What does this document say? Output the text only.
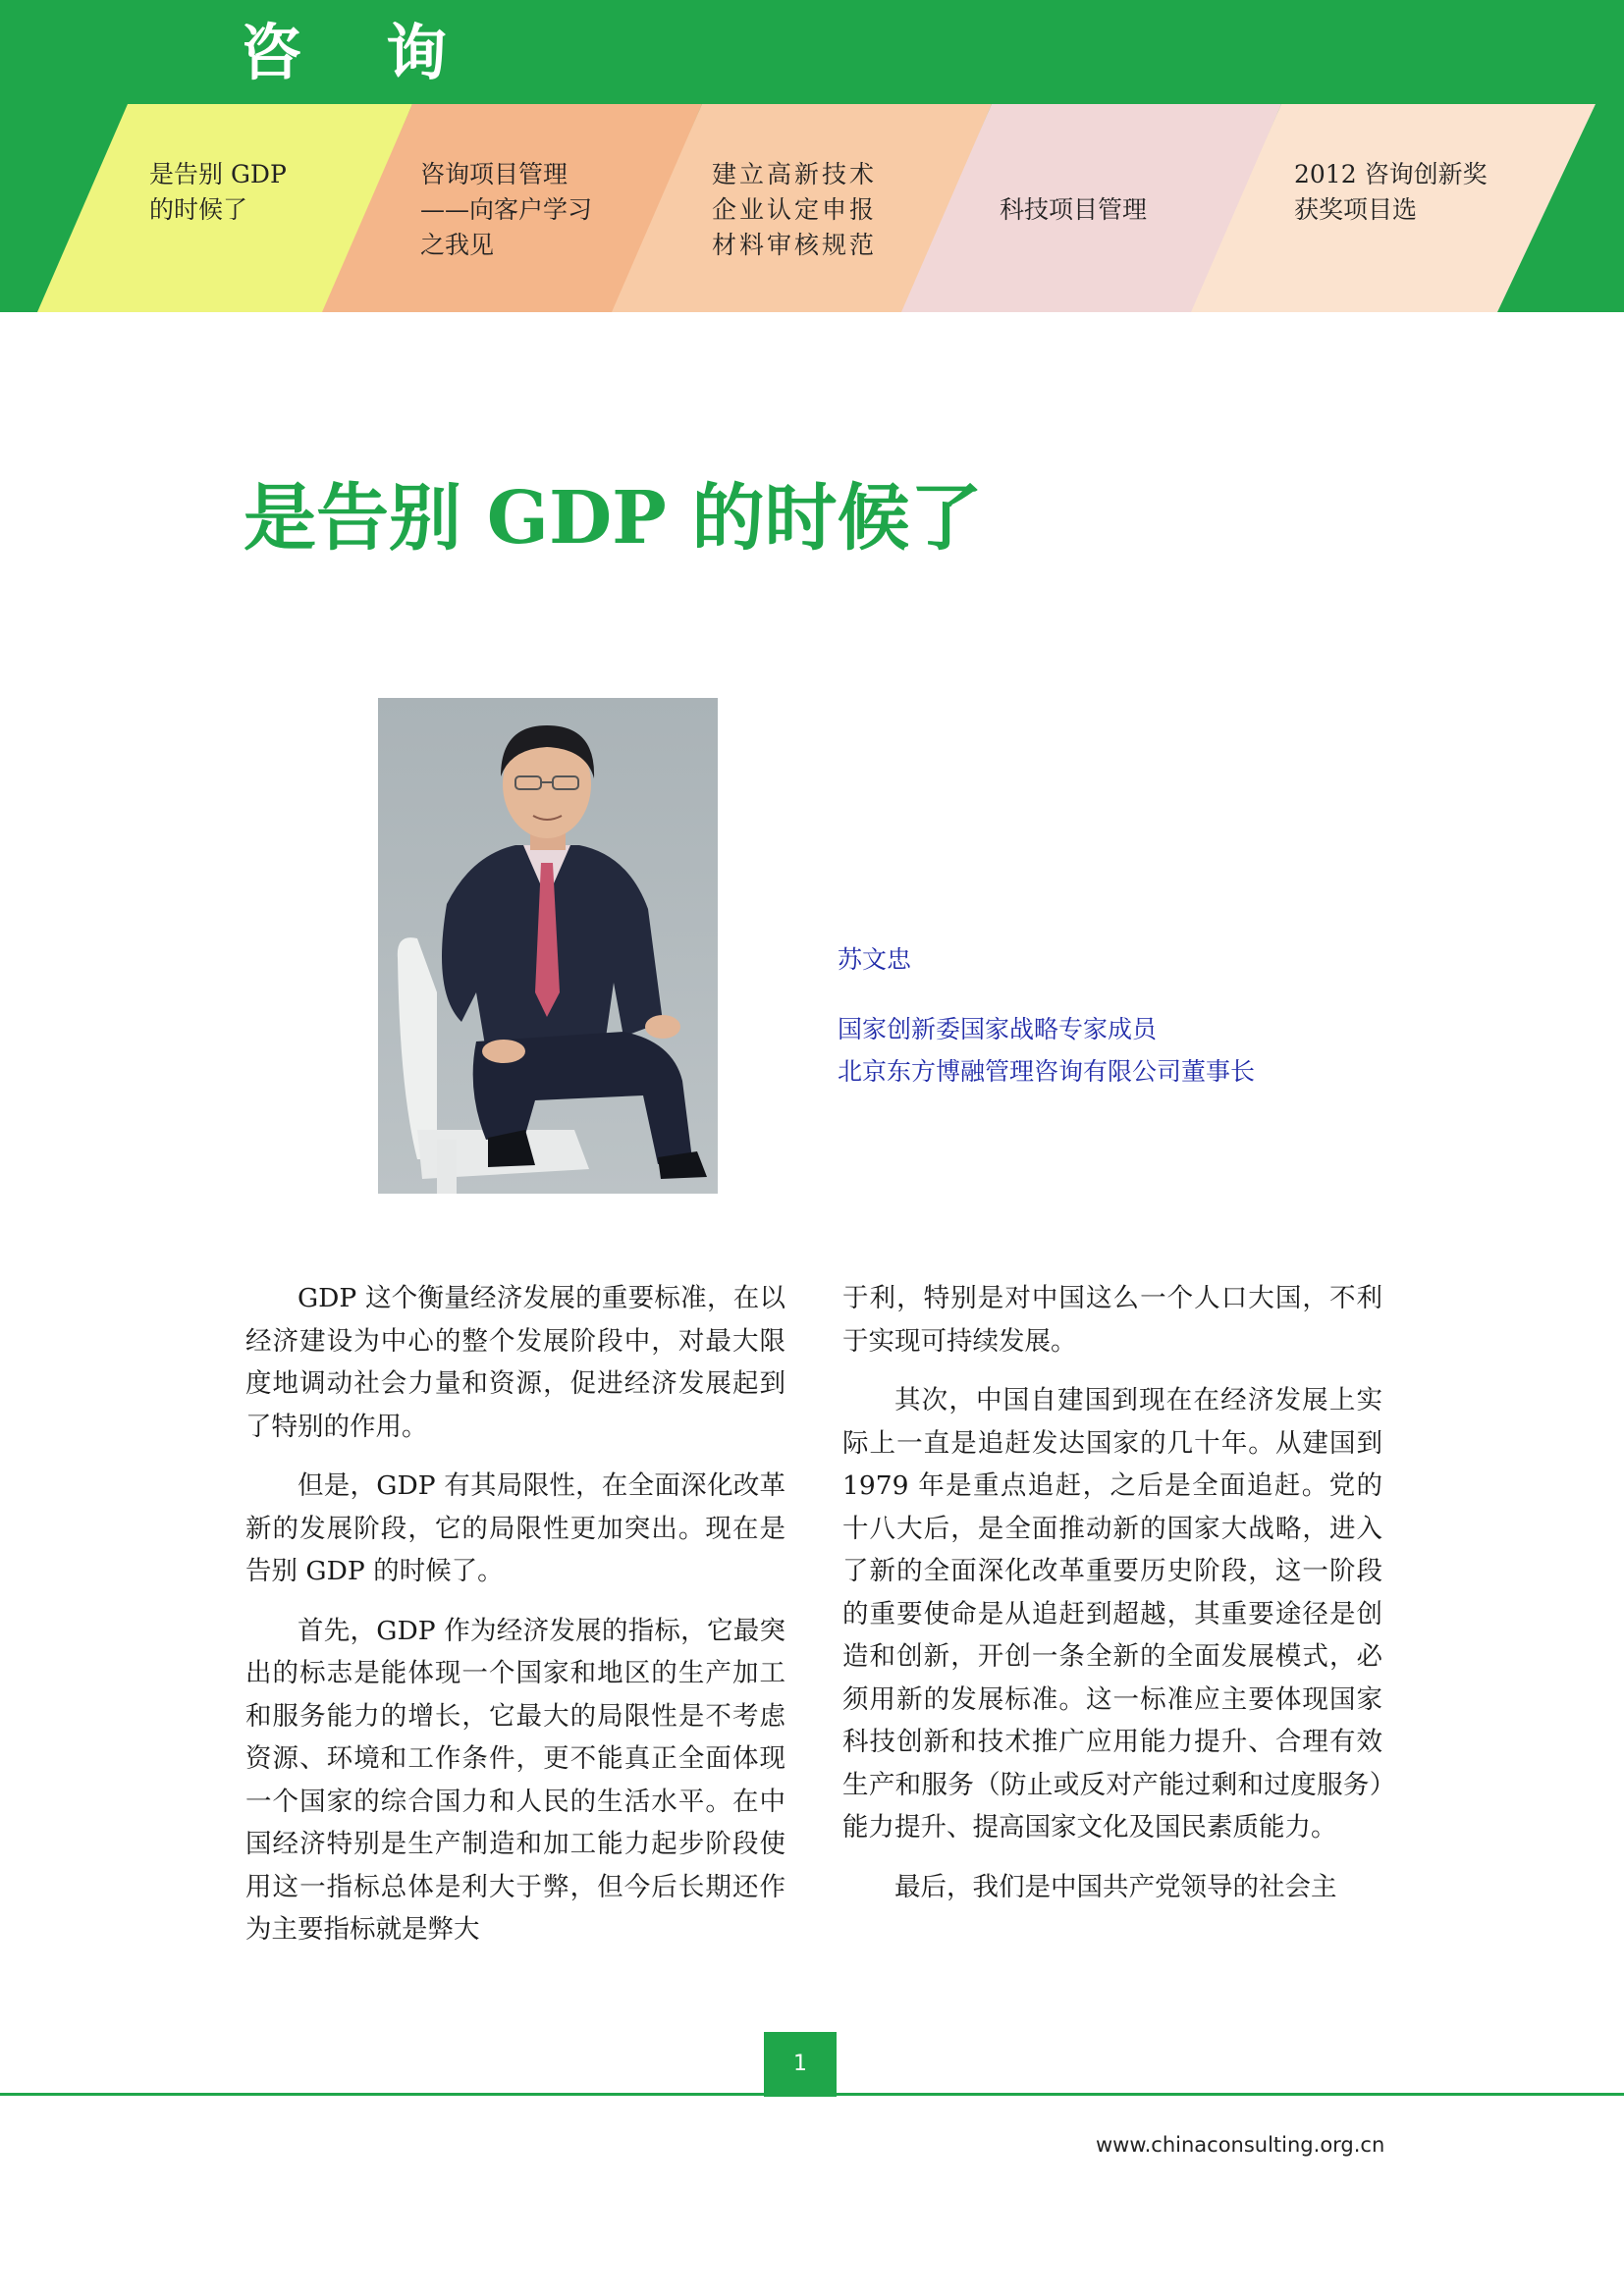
咨询
是告别 GDP
的时候了
咨询项目管理
——向客户学习
之我见
建立高新技术
企业认定申报
材料审核规范
科技项目管理
2012 咨询创新奖
获奖项目选
是告别 GDP 的时候了
苏文忠
国家创新委国家战略专家成员
北京东方博融管理咨询有限公司董事长

GDP 这个衡量经济发展的重要标准，在以经济建设为中心的整个发展阶段中，对最大限度地调动社会力量和资源，促进经济发展起到了特别的作用。

但是，GDP 有其局限性，在全面深化改革新的发展阶段，它的局限性更加突出。现在是告别 GDP 的时候了。

首先，GDP 作为经济发展的指标，它最突出的标志是能体现一个国家和地区的生产加工和服务能力的增长，它最大的局限性是不考虑资源、环境和工作条件，更不能真正全面体现一个国家的综合国力和人民的生活水平。在中国经济特别是生产制造和加工能力起步阶段使用这一指标总体是利大于弊，但今后长期还作为主要指标就是弊大

于利，特别是对中国这么一个人口大国，不利于实现可持续发展。

其次，中国自建国到现在在经济发展上实际上一直是追赶发达国家的几十年。从建国到 1979 年是重点追赶，之后是全面追赶。党的十八大后，是全面推动新的国家大战略，进入了新的全面深化改革重要历史阶段，这一阶段的重要使命是从追赶到超越，其重要途径是创造和创新，开创一条全新的全面发展模式，必须用新的发展标准。这一标准应主要体现国家科技创新和技术推广应用能力提升、合理有效生产和服务（防止或反对产能过剩和过度服务）能力提升、提高国家文化及国民素质能力。

最后，我们是中国共产党领导的社会主

1
www.chinaconsulting.org.cn
